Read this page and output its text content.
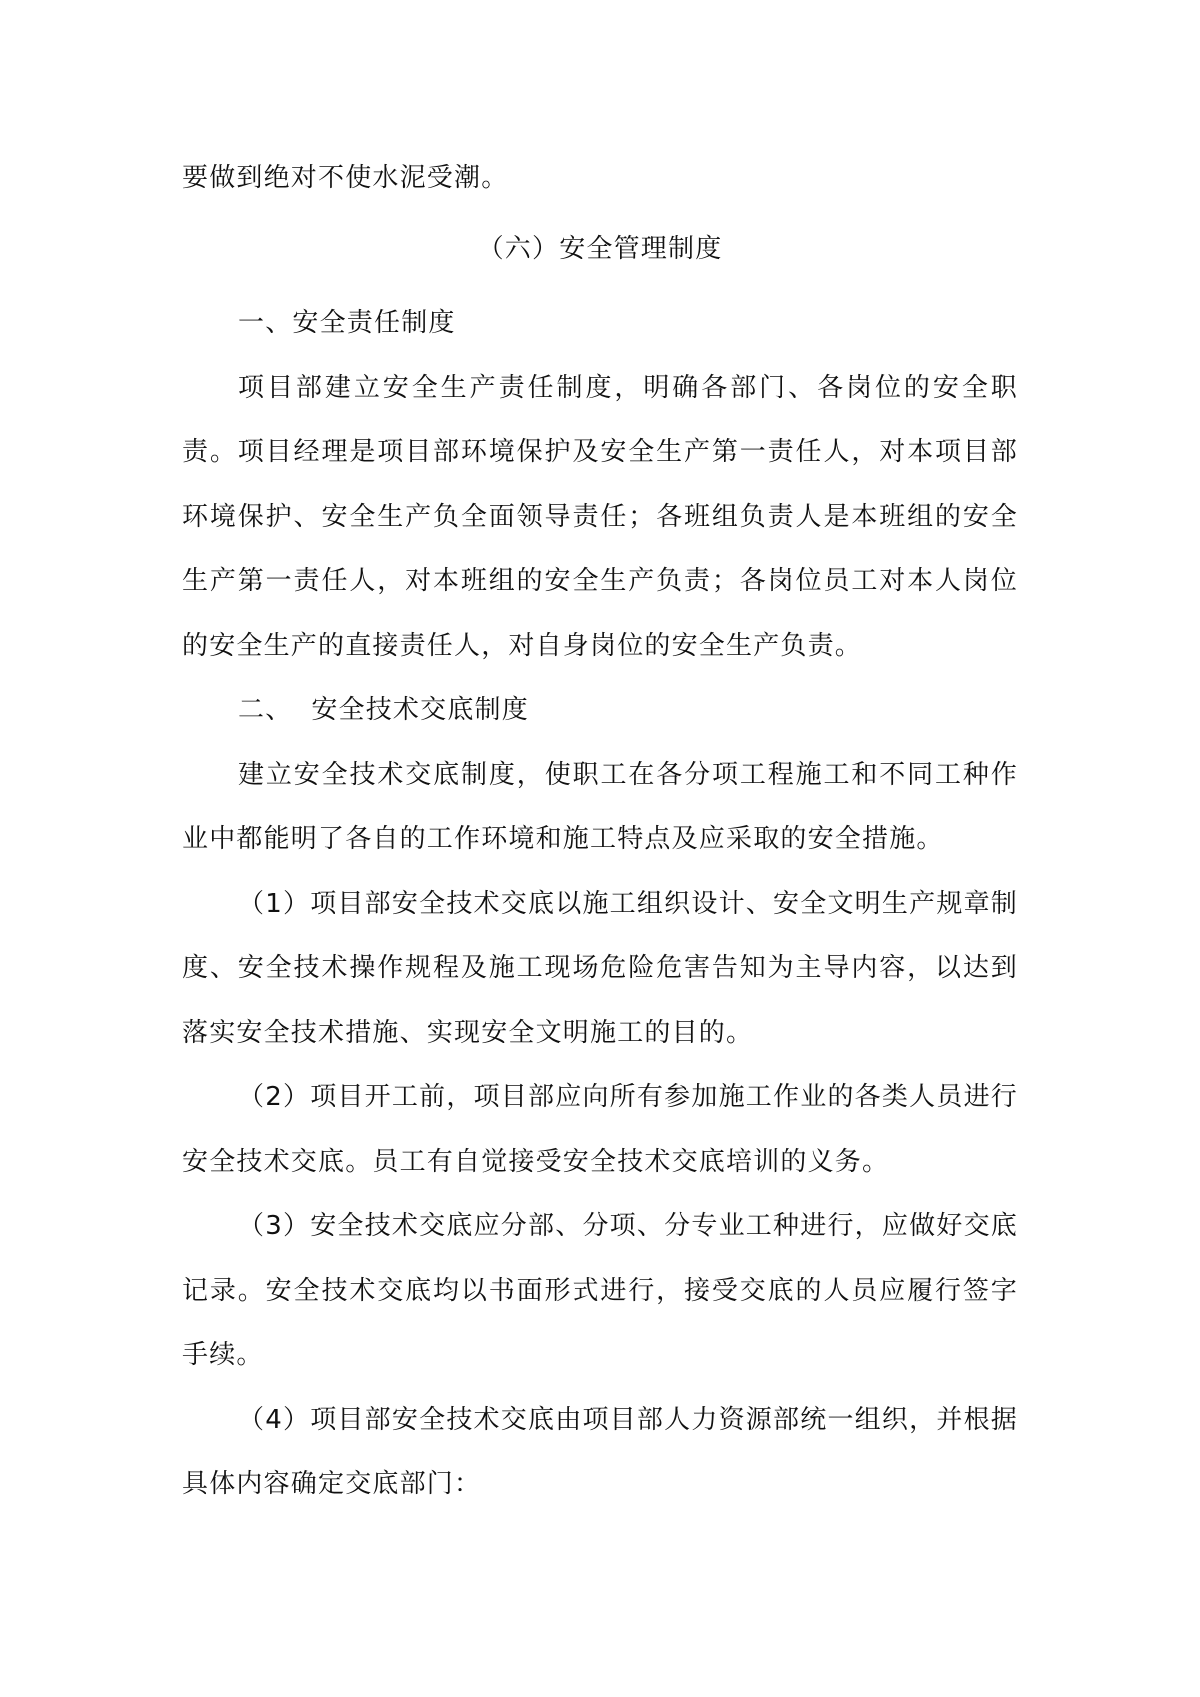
要做到绝对不使水泥受潮。

（六）安全管理制度

一、安全责任制度

项目部建立安全生产责任制度，明确各部门、各岗位的安全职责。项目经理是项目部环境保护及安全生产第一责任人，对本项目部环境保护、安全生产负全面领导责任；各班组负责人是本班组的安全生产第一责任人，对本班组的安全生产负责；各岗位员工对本人岗位的安全生产的直接责任人，对自身岗位的安全生产负责。

二、  安全技术交底制度

建立安全技术交底制度，使职工在各分项工程施工和不同工种作业中都能明了各自的工作环境和施工特点及应采取的安全措施。

（1）项目部安全技术交底以施工组织设计、安全文明生产规章制度、安全技术操作规程及施工现场危险危害告知为主导内容，以达到落实安全技术措施、实现安全文明施工的目的。

（2）项目开工前，项目部应向所有参加施工作业的各类人员进行安全技术交底。员工有自觉接受安全技术交底培训的义务。

（3）安全技术交底应分部、分项、分专业工种进行，应做好交底记录。安全技术交底均以书面形式进行，接受交底的人员应履行签字手续。

（4）项目部安全技术交底由项目部人力资源部统一组织，并根据具体内容确定交底部门：
